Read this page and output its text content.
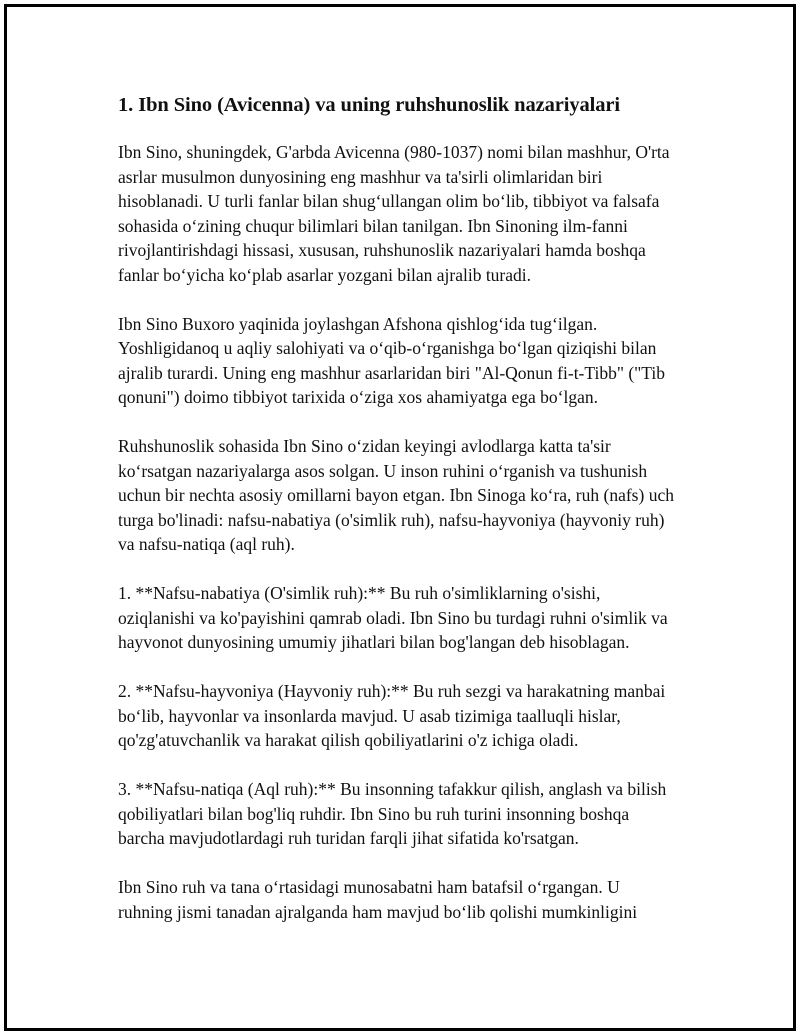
1. Ibn Sino (Avicenna) va uning ruhshunoslik nazariyalari

Ibn Sino, shuningdek, G'arbda Avicenna (980-1037) nomi bilan mashhur, O'rta asrlar musulmon dunyosining eng mashhur va ta'sirli olimlaridan biri hisoblanadi. U turli fanlar bilan shug‘ullangan olim bo‘lib, tibbiyot va falsafa sohasida o‘zining chuqur bilimlari bilan tanilgan. Ibn Sinoning ilm-fanni rivojlantirishdagi hissasi, xususan, ruhshunoslik nazariyalari hamda boshqa fanlar bo‘yicha ko‘plab asarlar yozgani bilan ajralib turadi.

Ibn Sino Buxoro yaqinida joylashgan Afshona qishlog‘ida tug‘ilgan. Yoshligidanoq u aqliy salohiyati va o‘qib-o‘rganishga bo‘lgan qiziqishi bilan ajralib turardi. Uning eng mashhur asarlaridan biri "Al-Qonun fi-t-Tibb" ("Tib qonuni") doimo tibbiyot tarixida o‘ziga xos ahamiyatga ega bo‘lgan.

Ruhshunoslik sohasida Ibn Sino o‘zidan keyingi avlodlarga katta ta'sir ko‘rsatgan nazariyalarga asos solgan. U inson ruhini o‘rganish va tushunish uchun bir nechta asosiy omillarni bayon etgan. Ibn Sinoga ko‘ra, ruh (nafs) uch turga bo'linadi: nafsu-nabatiya (o'simlik ruh), nafsu-hayvoniya (hayvoniy ruh) va nafsu-natiqa (aql ruh).

1. **Nafsu-nabatiya (O'simlik ruh):** Bu ruh o'simliklarning o'sishi, oziqlanishi va ko'payishini qamrab oladi. Ibn Sino bu turdagi ruhni o'simlik va hayvonot dunyosining umumiy jihatlari bilan bog'langan deb hisoblagan.

2. **Nafsu-hayvoniya (Hayvoniy ruh):** Bu ruh sezgi va harakatning manbai bo‘lib, hayvonlar va insonlarda mavjud. U asab tizimiga taalluqli hislar, qo'zg'atuvchanlik va harakat qilish qobiliyatlarini o'z ichiga oladi.

3. **Nafsu-natiqa (Aql ruh):** Bu insonning tafakkur qilish, anglash va bilish qobiliyatlari bilan bog'liq ruhdir. Ibn Sino bu ruh turini insonning boshqa barcha mavjudotlardagi ruh turidan farqli jihat sifatida ko'rsatgan.

Ibn Sino ruh va tana o‘rtasidagi munosabatni ham batafsil o‘rgangan. U ruhning jismi tanadan ajralganda ham mavjud bo‘lib qolishi mumkinligini
